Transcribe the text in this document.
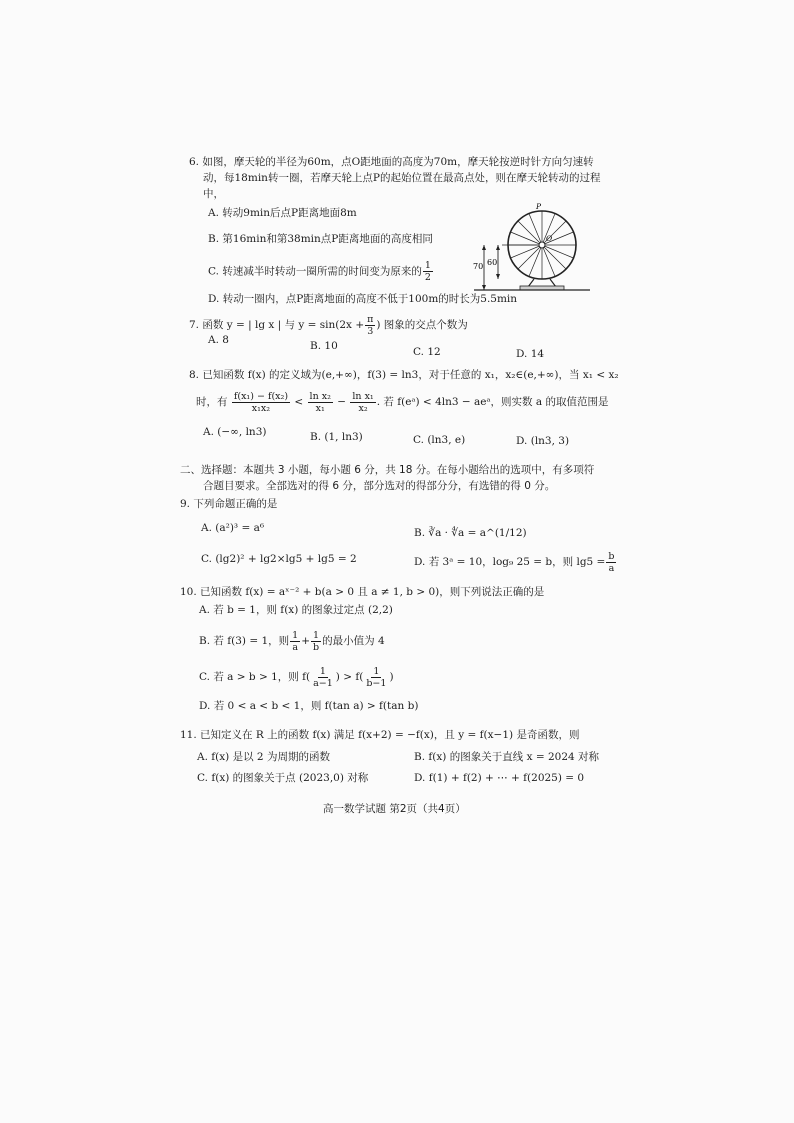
6. 如图，摩天轮的半径为60m，点O距地面的高度为70m，摩天轮按逆时针方向匀速转
动，每18min转一圈，若摩天轮上点P的起始位置在最高点处，则在摩天轮转动的过程
中，
A. 转动9min后点P距离地面8m
B. 第16min和第38min点P距离地面的高度相同
C. 转速减半时转动一圈所需的时间变为原来的 $\frac{1}{2}$
D. 转动一圈内，点P距离地面的高度不低于100m的时长为5.5min
70 60
P
O
7. 函数 y = | lg x | 与 $y = \sin(2x + \frac{\pi}{3}$ ) 图象的交点个数为
A. 8	B. 10	C. 12	D. 14
8. 已知函数 f(x) 的定义域为(e,+∞)，f(3) = ln3，对于任意的 x₁，x₂∈(e,+∞)，当 x₁ < x₂
时，有 $\frac{\text{f(x₁) − f(x₂)}}{\text{x₁x₂}} < \frac{\text{ln x₂}}{\text{x₁}} - \frac{\text{ln x₁}}{\text{x₂}}$ . 若 f(eᵃ) < 4ln3 − aeᵃ，则实数 a 的取值范围是
A. (−∞, ln3)	B. (1, ln3)	C. (ln3, e)	D. (ln3, 3)
二、选择题：本题共 3 小题，每小题 6 分，共 18 分。在每小题给出的选项中，有多项符
合题目要求。全部选对的得 6 分，部分选对的得部分分，有选错的得 0 分。
9. 下列命题正确的是
A. (a²)³ = a⁶	B. ∛a · ∜a = a^(1/12)
C. (lg2)² + lg2×lg5 + lg5 = 2	D. 若 3ᵃ = 10，log₉ 25 = b，则 $\lg 5 = \frac{b}{a}$
10. 已知函数 f(x) = aˣ⁻² + b(a > 0 且 a ≠ 1, b > 0)，则下列说法正确的是
A. 若 b = 1，则 f(x) 的图象过定点 (2,2)
B. 若 f(3) = 1，则 $\frac{1}{a} + \frac{1}{b}$ 的最小值为 4
C. 若 a > b > 1，则 $f( \frac{1}{a-1}$ ) > $f( \frac{1}{b-1}$ )
D. 若 0 < a < b < 1，则 f(tan a) > f(tan b)
11. 已知定义在 R 上的函数 f(x) 满足 f(x+2) = −f(x)，且 y = f(x−1) 是奇函数，则
A. f(x) 是以 2 为周期的函数	B. f(x) 的图象关于直线 x = 2024 对称
C. f(x) 的图象关于点 (2023,0) 对称	D. f(1) + f(2) + ⋯ + f(2025) = 0
高一数学试题 第2页（共4页）
